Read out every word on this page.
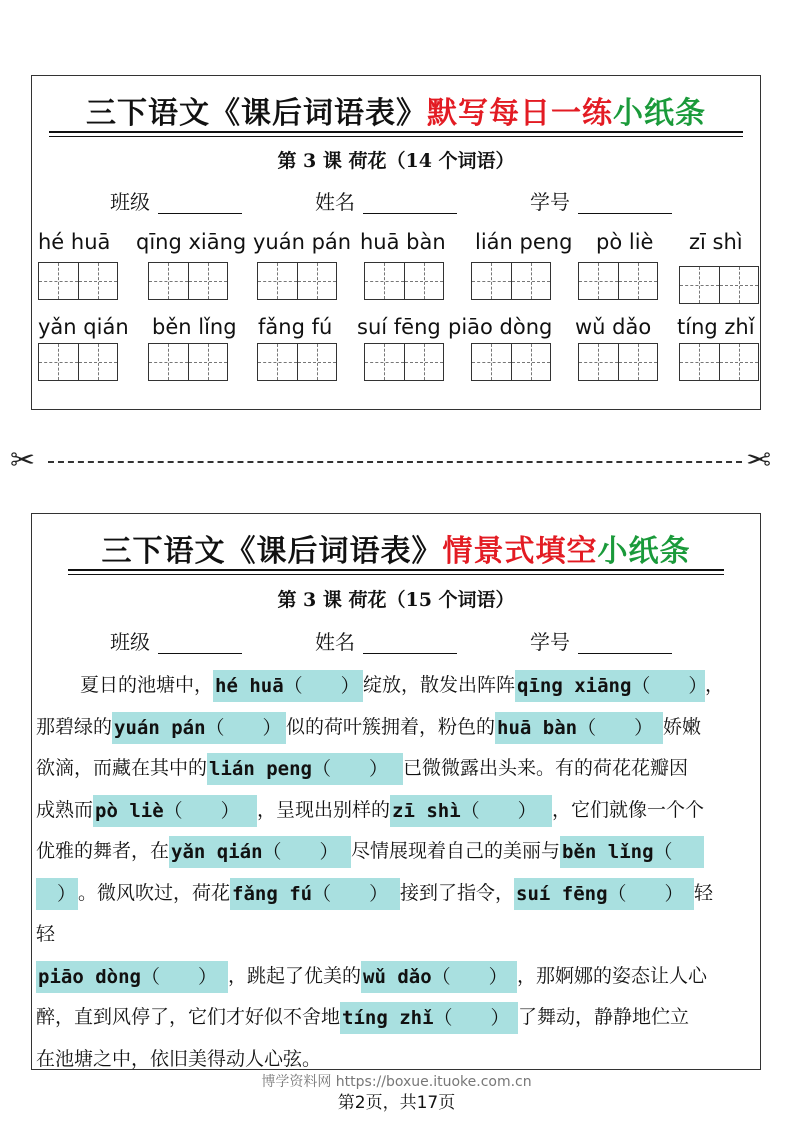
三下语文《课后词语表》默写每日一练小纸条
第 3 课 荷花（14 个词语）
班级	姓名	学号
hé huā qīng xiāng yuán pán huā bàn lián peng pò liè zī shì
yǎn qián běn lǐng fǎng fú suí fēng piāo dòng wǔ dǎo tíng zhǐ
✂	✂
三下语文《课后词语表》情景式填空小纸条
第 3 课 荷花（15 个词语）
班级	姓名	学号
夏日的池塘中， hé huā（　　） 绽放，散发出阵阵 qīng xiāng（　　），
那碧绿的 yuán pán（　　） 似的荷叶簇拥着，粉色的 huā bàn（　　） 娇嫩
欲滴，而藏在其中的 lián peng（　　） 已微微露出头来。有的荷花花瓣因
成熟而 pò liè（　　） ，呈现出别样的 zī shì（　　） ，它们就像一个个
优雅的舞者，在 yǎn qián（　　） 尽情展现着自己的美丽与 běn lǐng（
　） 。微风吹过，荷花 fǎng fú（　　） 接到了指令， suí fēng（　　） 轻
轻
piāo dòng（　　） ，跳起了优美的 wǔ dǎo（　　） ，那婀娜的姿态让人心
醉，直到风停了，它们才好似不舍地 tíng zhǐ（　　） 了舞动，静静地伫立
在池塘之中，依旧美得动人心弦。
博学资料网 https://boxue.ituoke.com.cn
第2页，共17页
